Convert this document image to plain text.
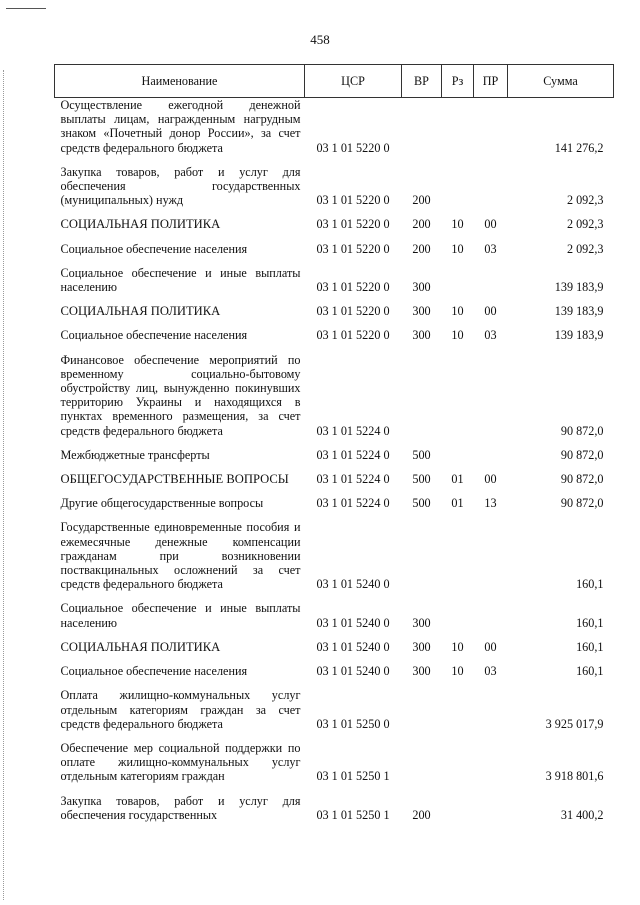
458
Наименование	ЦСР	ВР	Рз	ПР	Сумма
Осуществление ежегодной денежной выплаты лицам, награжденным нагрудным знаком «Почетный донор России», за счет средств федерального бюджета	03 1 01 5220 0				141 276,2
Закупка товаров, работ и услуг для обеспечения государственных (муниципальных) нужд	03 1 01 5220 0	200			2 092,3
СОЦИАЛЬНАЯ ПОЛИТИКА	03 1 01 5220 0	200	10	00	2 092,3
Социальное обеспечение населения	03 1 01 5220 0	200	10	03	2 092,3
Социальное обеспечение и иные выплаты населению	03 1 01 5220 0	300			139 183,9
СОЦИАЛЬНАЯ ПОЛИТИКА	03 1 01 5220 0	300	10	00	139 183,9
Социальное обеспечение населения	03 1 01 5220 0	300	10	03	139 183,9
Финансовое обеспечение мероприятий по временному социально-бытовому обустройству лиц, вынужденно покинувших территорию Украины и находящихся в пунктах временного размещения, за счет средств федерального бюджета	03 1 01 5224 0				90 872,0
Межбюджетные трансферты	03 1 01 5224 0	500			90 872,0
ОБЩЕГОСУДАРСТВЕННЫЕ ВОПРОСЫ	03 1 01 5224 0	500	01	00	90 872,0
Другие общегосударственные вопросы	03 1 01 5224 0	500	01	13	90 872,0
Государственные единовременные пособия и ежемесячные денежные компенсации гражданам при возникновении поствакцинальных осложнений за счет средств федерального бюджета	03 1 01 5240 0				160,1
Социальное обеспечение и иные выплаты населению	03 1 01 5240 0	300			160,1
СОЦИАЛЬНАЯ ПОЛИТИКА	03 1 01 5240 0	300	10	00	160,1
Социальное обеспечение населения	03 1 01 5240 0	300	10	03	160,1
Оплата жилищно-коммунальных услуг отдельным категориям граждан за счет средств федерального бюджета	03 1 01 5250 0				3 925 017,9
Обеспечение мер социальной поддержки по оплате жилищно-коммунальных услуг отдельным категориям граждан	03 1 01 5250 1				3 918 801,6
Закупка товаров, работ и услуг для обеспечения государственных	03 1 01 5250 1	200			31 400,2
